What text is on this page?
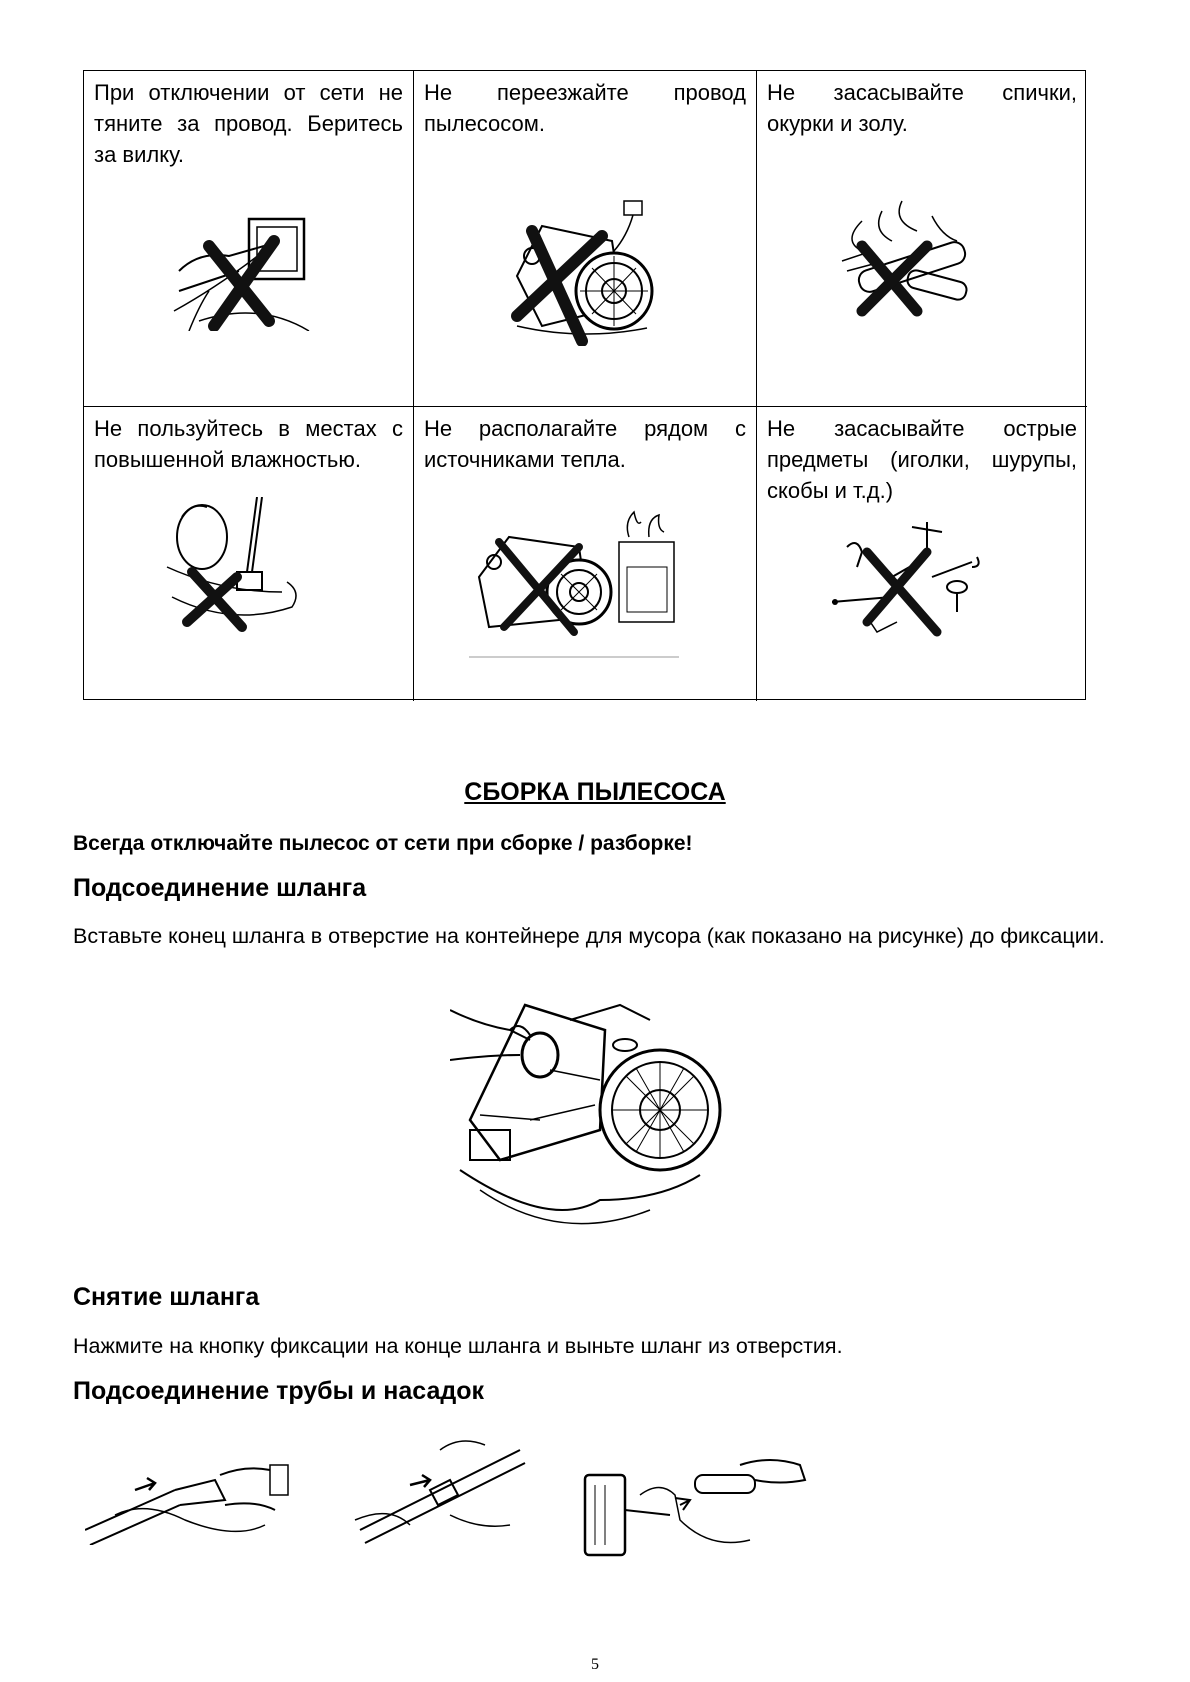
При отключении от сети не тяните за провод. Беритесь за вилку.
Не переезжайте провод пылесосом.
Не засасывайте спички, окурки и золу.
Не пользуйтесь в местах с повышенной влажностью.
Не располагайте рядом с источниками тепла.
Не засасывайте острые предметы (иголки, шурупы, скобы и т.д.)
СБОРКА ПЫЛЕСОСА
Всегда отключайте пылесос от сети при сборке / разборке!
Подсоединение шланга
Вставьте конец шланга в отверстие на контейнере для мусора (как показано на рисунке) до фиксации.
Снятие шланга
Нажмите на кнопку фиксации на конце шланга и выньте шланг из отверстия.
Подсоединение трубы и насадок
5
